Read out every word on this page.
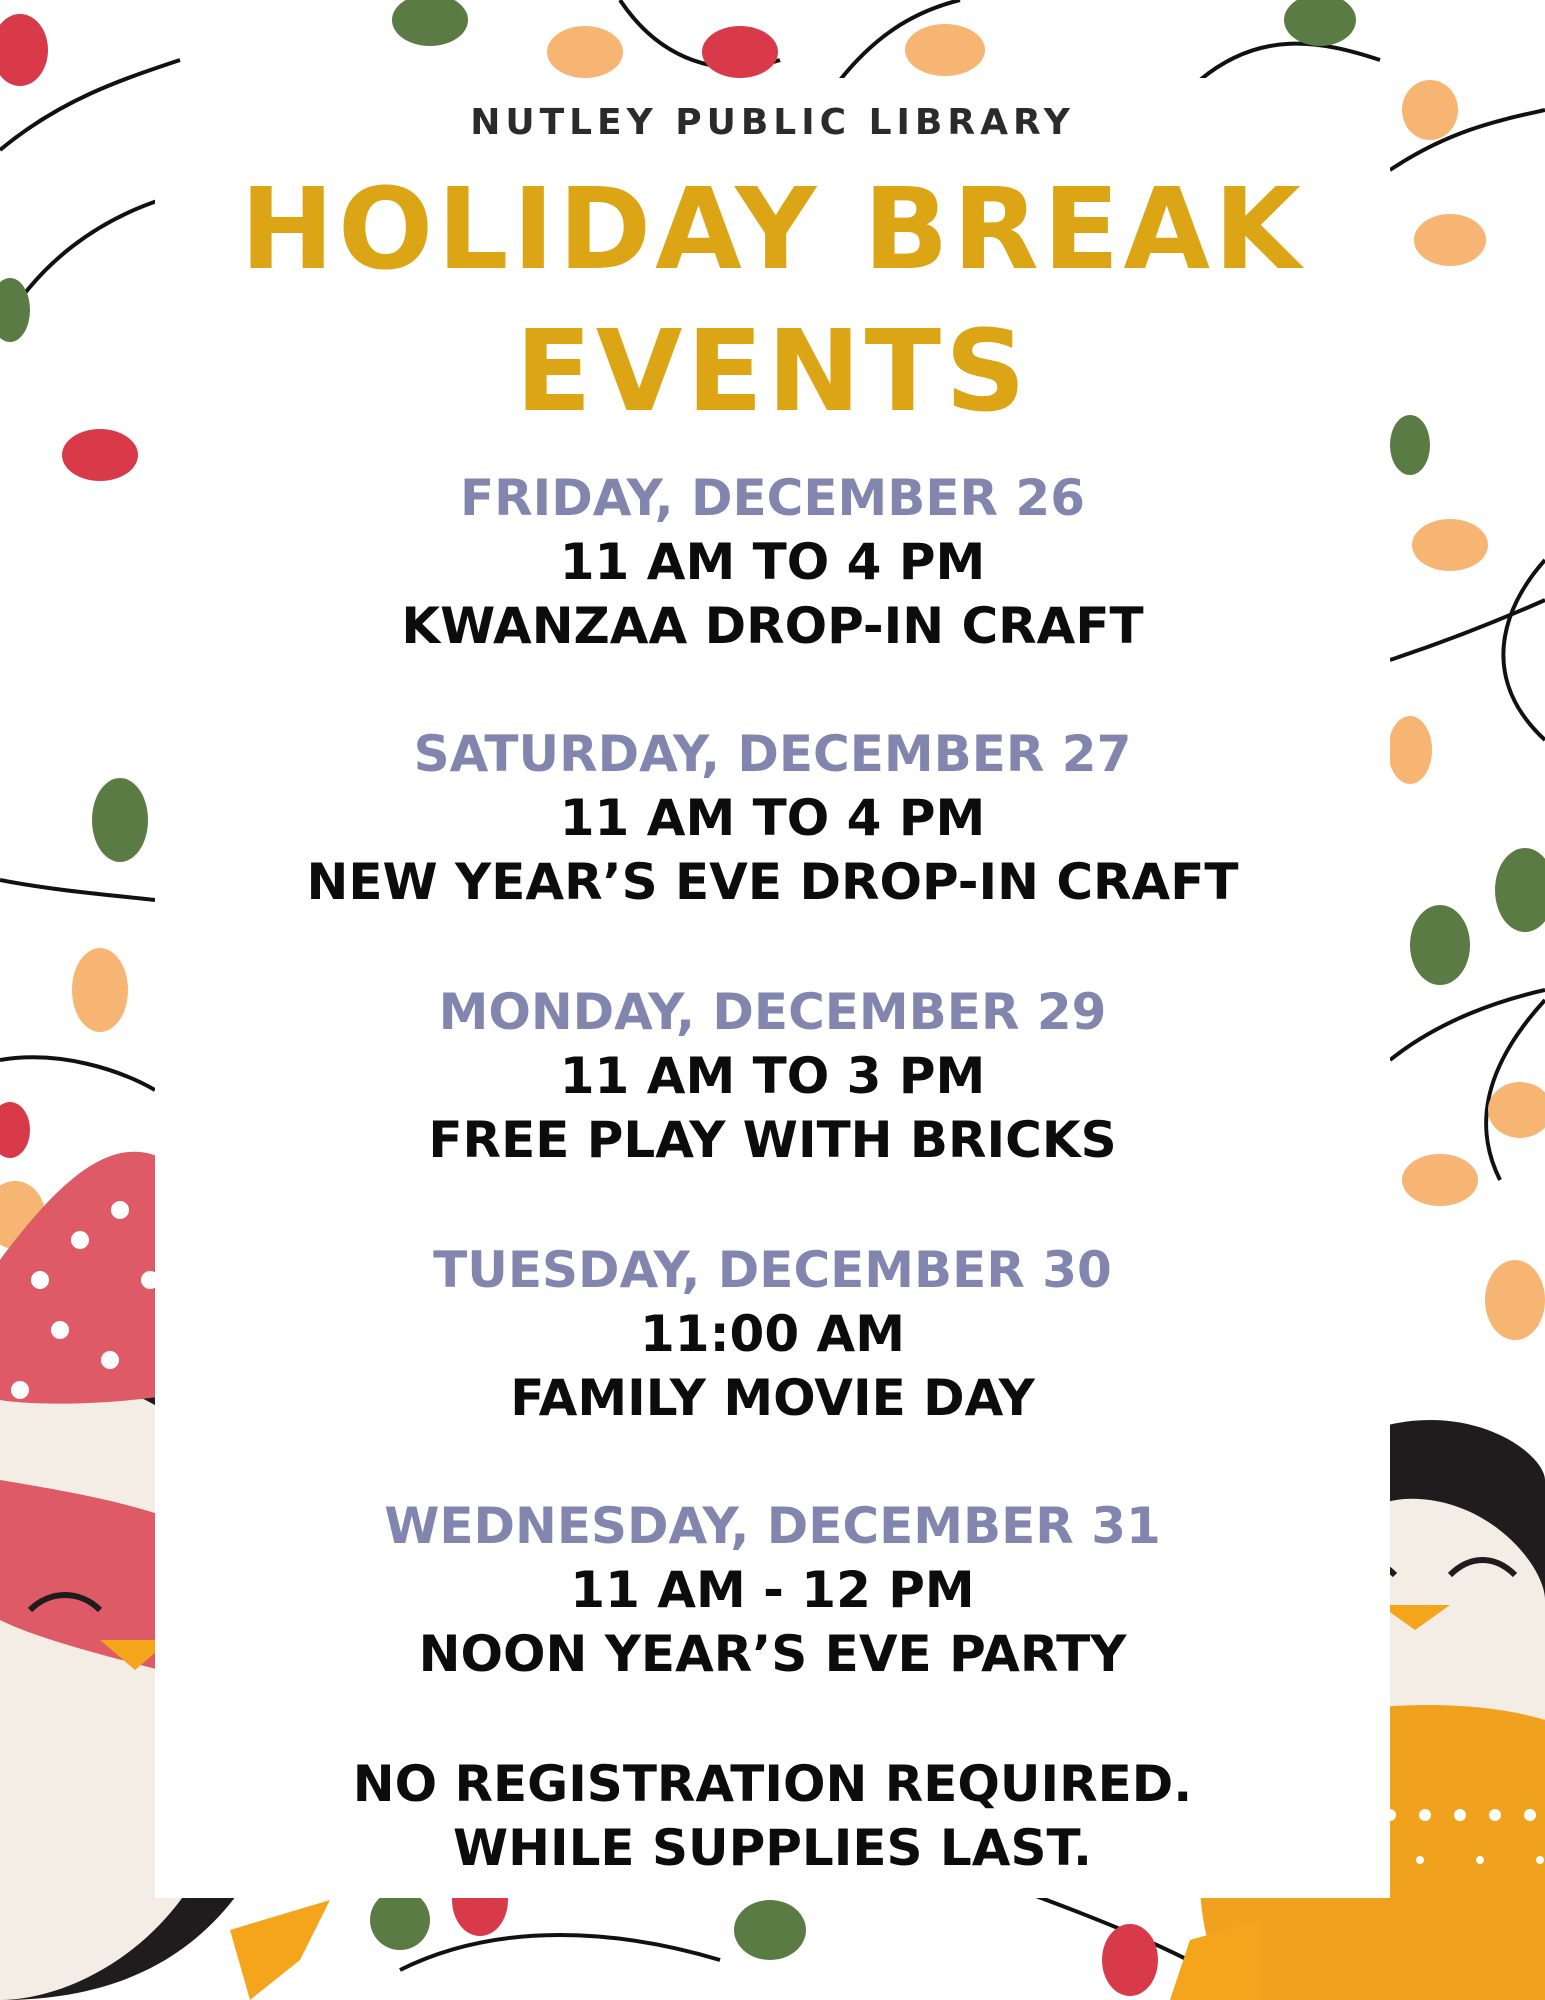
NUTLEY PUBLIC LIBRARY
HOLIDAY BREAK
EVENTS
FRIDAY, DECEMBER 26
11 AM TO 4 PM
KWANZAA DROP-IN CRAFT
SATURDAY, DECEMBER 27
11 AM TO 4 PM
NEW YEAR’S EVE DROP-IN CRAFT
MONDAY, DECEMBER 29
11 AM TO 3 PM
FREE PLAY WITH BRICKS
TUESDAY, DECEMBER 30
11:00 AM
FAMILY MOVIE DAY
WEDNESDAY, DECEMBER 31
11 AM - 12 PM
NOON YEAR’S EVE PARTY
NO REGISTRATION REQUIRED.
WHILE SUPPLIES LAST.
